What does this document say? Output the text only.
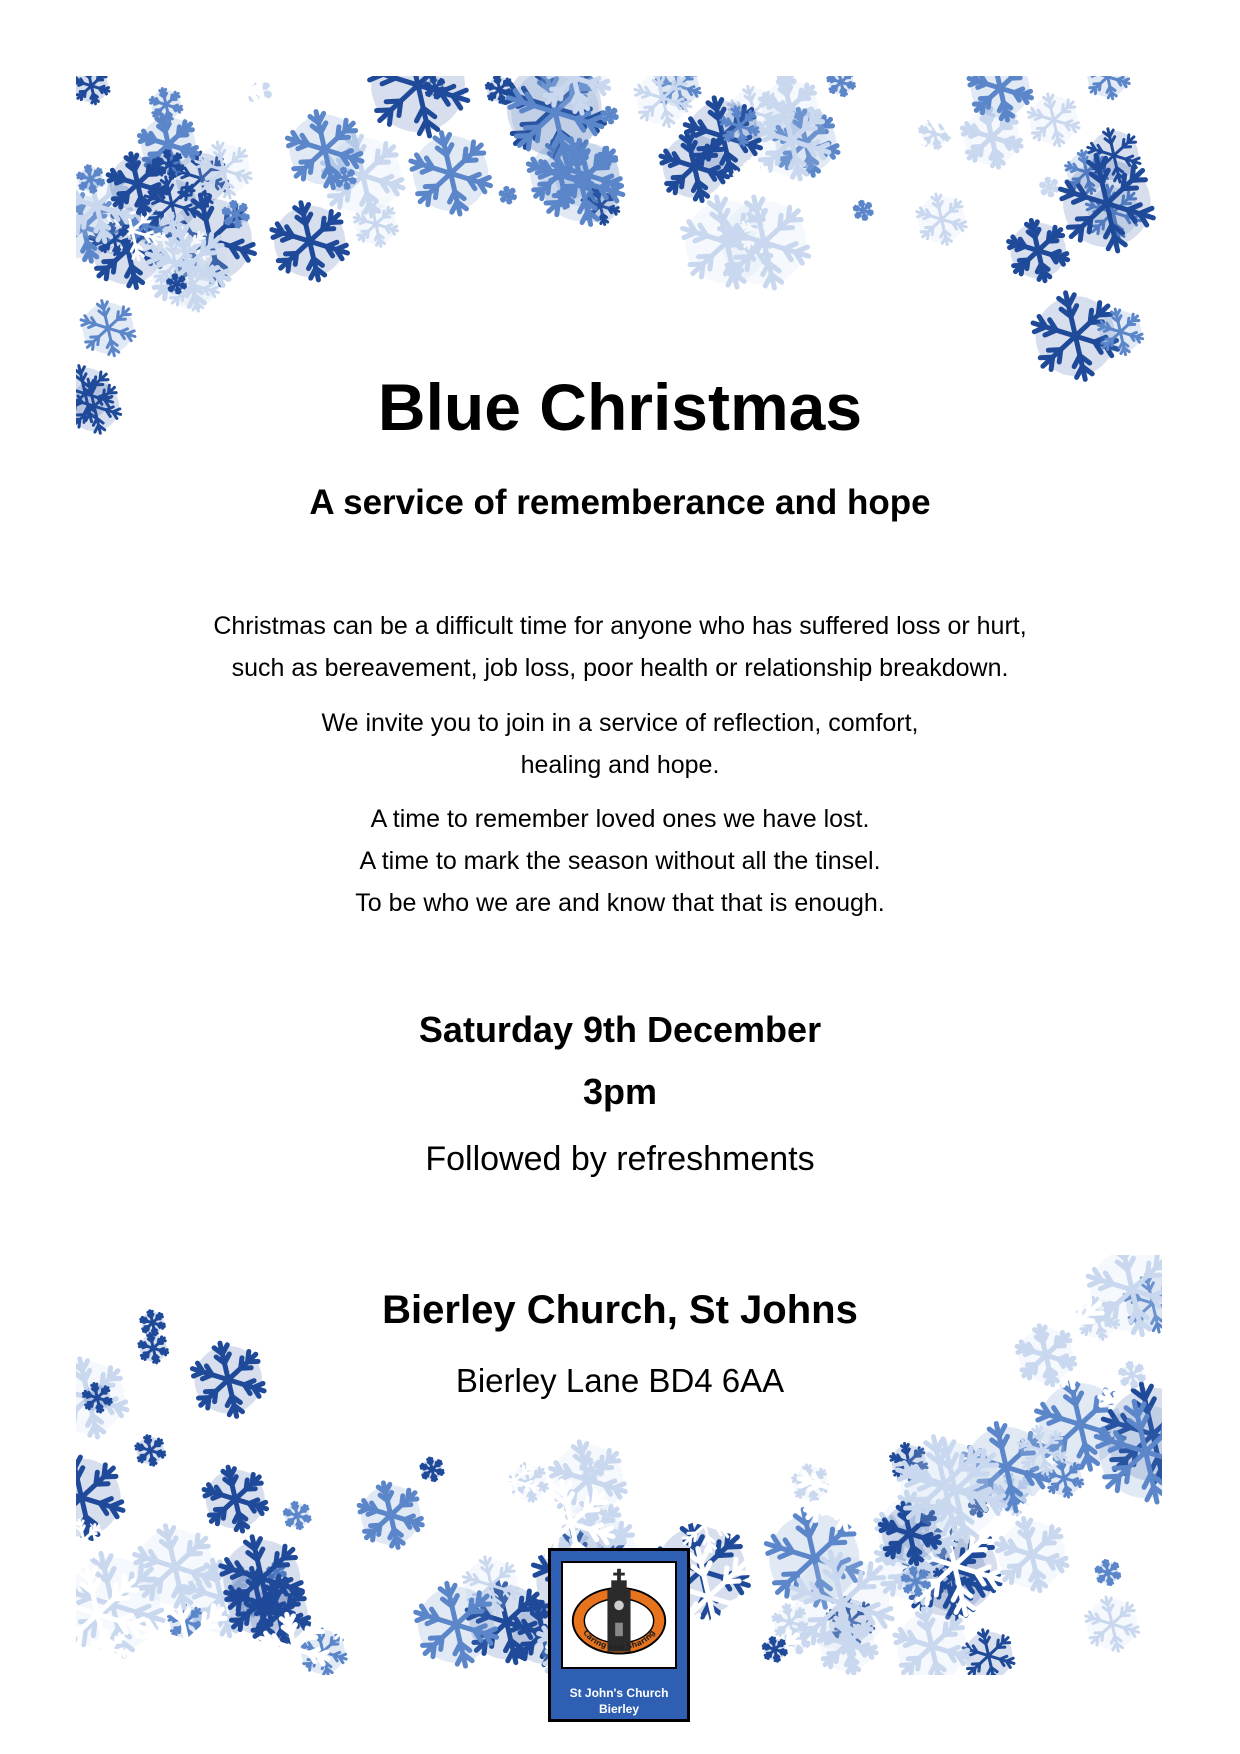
Blue Christmas
A service of rememberance and hope
Christmas can be a difficult time for anyone who has suffered loss or hurt,
such as bereavement, job loss, poor health or relationship breakdown.
We invite you to join in a service of reflection, comfort,
healing and hope.
A time to remember loved ones we have lost.
A time to mark the season without all the tinsel.
To be who we are and know that that is enough.
Saturday 9th December
3pm
Followed by refreshments
Bierley Church, St Johns
Bierley Lane BD4 6AA
Caring and Sharing
St John's Church
Bierley
